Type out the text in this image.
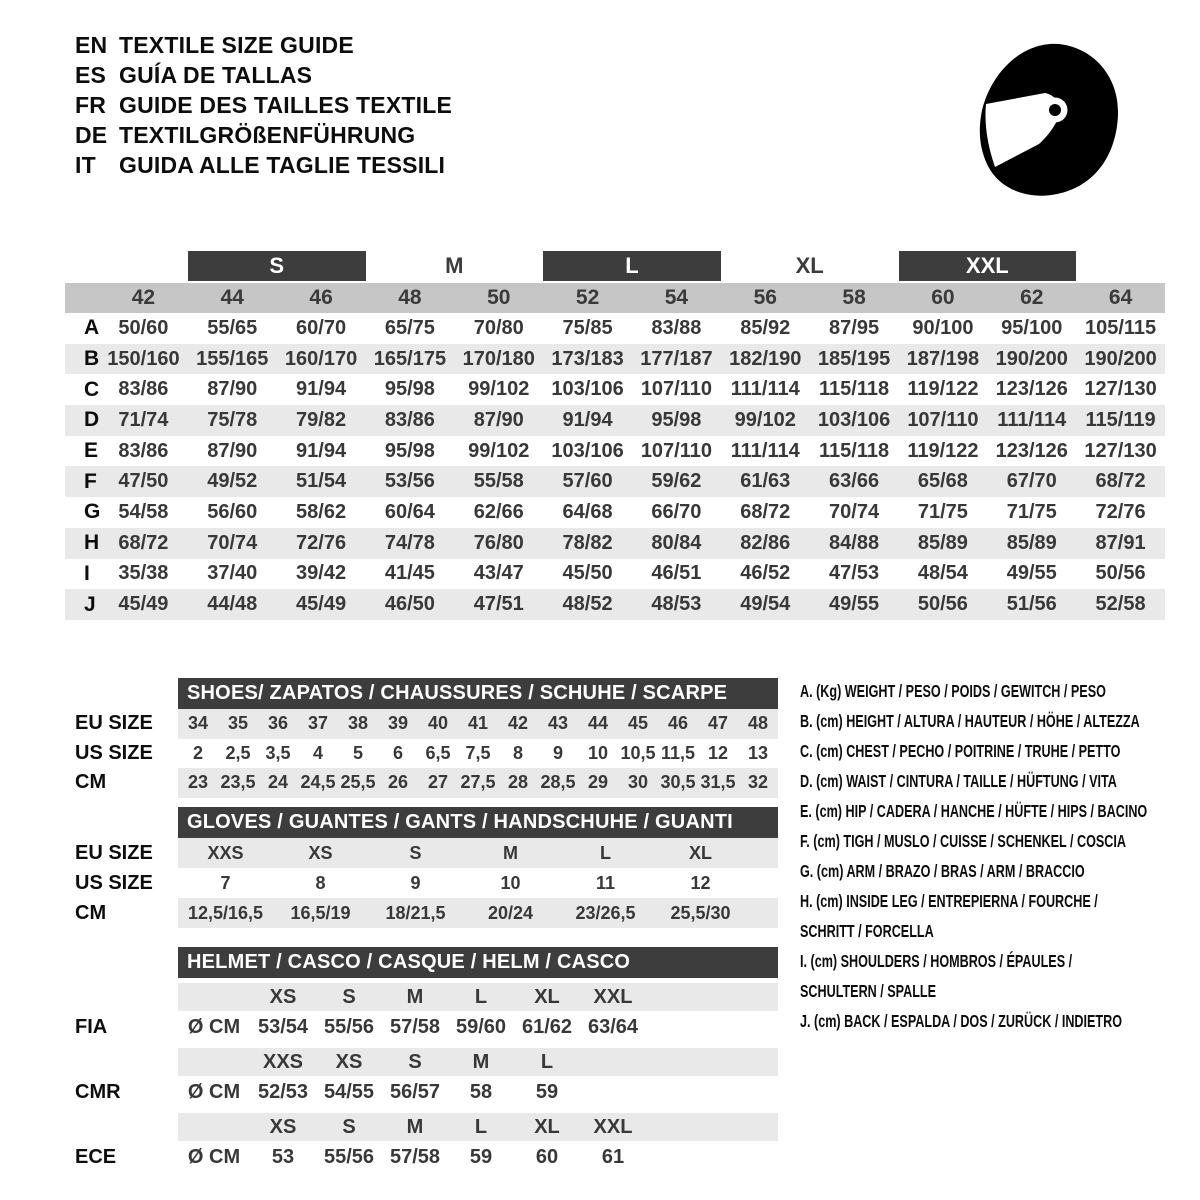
EN TEXTILE SIZE GUIDE
ES GUÍA DE TALLAS
FR GUIDE DES TAILLES TEXTILE
DE TEXTILGRÖßENFÜHRUNG
IT	GUIDA ALLE TAGLIE TESSILI
S	M	L	XL	XXL
42	44	46	48	50	52	54	56	58	60	62	64
A 50/60	55/65	60/70	65/75	70/80	75/85	83/88	85/92	87/95	90/100	95/100	105/115
B 150/160 155/165 160/170 165/175 170/180 173/183 177/187 182/190 185/195 187/198 190/200 190/200
C 83/86	87/90	91/94	95/98	99/102	103/106 107/110 111/114 115/118 119/122 123/126 127/130
D 71/74	75/78	79/82	83/86	87/90	91/94	95/98	99/102	103/106 107/110 111/114 115/119
E	83/86	87/90	91/94	95/98	99/102	103/106 107/110 111/114 115/118 119/122 123/126 127/130
F	47/50	49/52	51/54	53/56	55/58	57/60	59/62	61/63	63/66	65/68	67/70	68/72
G 54/58	56/60	58/62	60/64	62/66	64/68	66/70	68/72	70/74	71/75	71/75	72/76
H 68/72	70/74	72/76	74/78	76/80	78/82	80/84	82/86	84/88	85/89	85/89	87/91
I	35/38	37/40	39/42	41/45	43/47	45/50	46/51	46/52	47/53	48/54	49/55	50/56
J	45/49	44/48	45/49	46/50	47/51	48/52	48/53	49/54	49/55	50/56	51/56	52/58
SHOES/ ZAPATOS / CHAUSSURES / SCHUHE / SCARPE
EU SIZE	34	35	36	37	38	39	40	41	42	43	44	45	46	47	48
US SIZE	2	2,5 3,5	4	5	6	6,5 7,5	8	9	10 10,5 11,5 12	13
CM	23 23,5 24 24,5 25,5 26	27 27,5 28 28,5 29	30 30,5 31,5 32
GLOVES / GUANTES / GANTS / HANDSCHUHE / GUANTI
EU SIZE	XXS	XS	S	M	L	XL
US SIZE	7	8	9	10	11	12
CM	12,5/16,5	16,5/19	18/21,5	20/24	23/26,5	25,5/30
HELMET / CASCO / CASQUE / HELM / CASCO
XS	S	M	L	XL	XXL
FIA	Ø CM 53/54 55/56 57/58 59/60 61/62 63/64
XXS	XS	S	M	L
CMR	Ø CM 52/53 54/55 56/57	58	59
XS	S	M	L	XL	XXL
ECE	Ø CM	53	55/56 57/58	59	60	61
A. (Kg) WEIGHT / PESO / POIDS / GEWITCH / PESO
B. (cm) HEIGHT / ALTURA / HAUTEUR / HÖHE / ALTEZZA
C. (cm) CHEST / PECHO / POITRINE / TRUHE / PETTO
D. (cm) WAIST / CINTURA / TAILLE / HÜFTUNG / VITA
E. (cm) HIP / CADERA / HANCHE / HÜFTE / HIPS / BACINO
F. (cm) TIGH / MUSLO / CUISSE / SCHENKEL / COSCIA
G. (cm) ARM / BRAZO / BRAS / ARM / BRACCIO
H. (cm) INSIDE LEG / ENTREPIERNA / FOURCHE /
SCHRITT / FORCELLA
I. (cm) SHOULDERS / HOMBROS / ÉPAULES /
SCHULTERN / SPALLE
J. (cm) BACK / ESPALDA / DOS / ZURÜCK / INDIETRO
